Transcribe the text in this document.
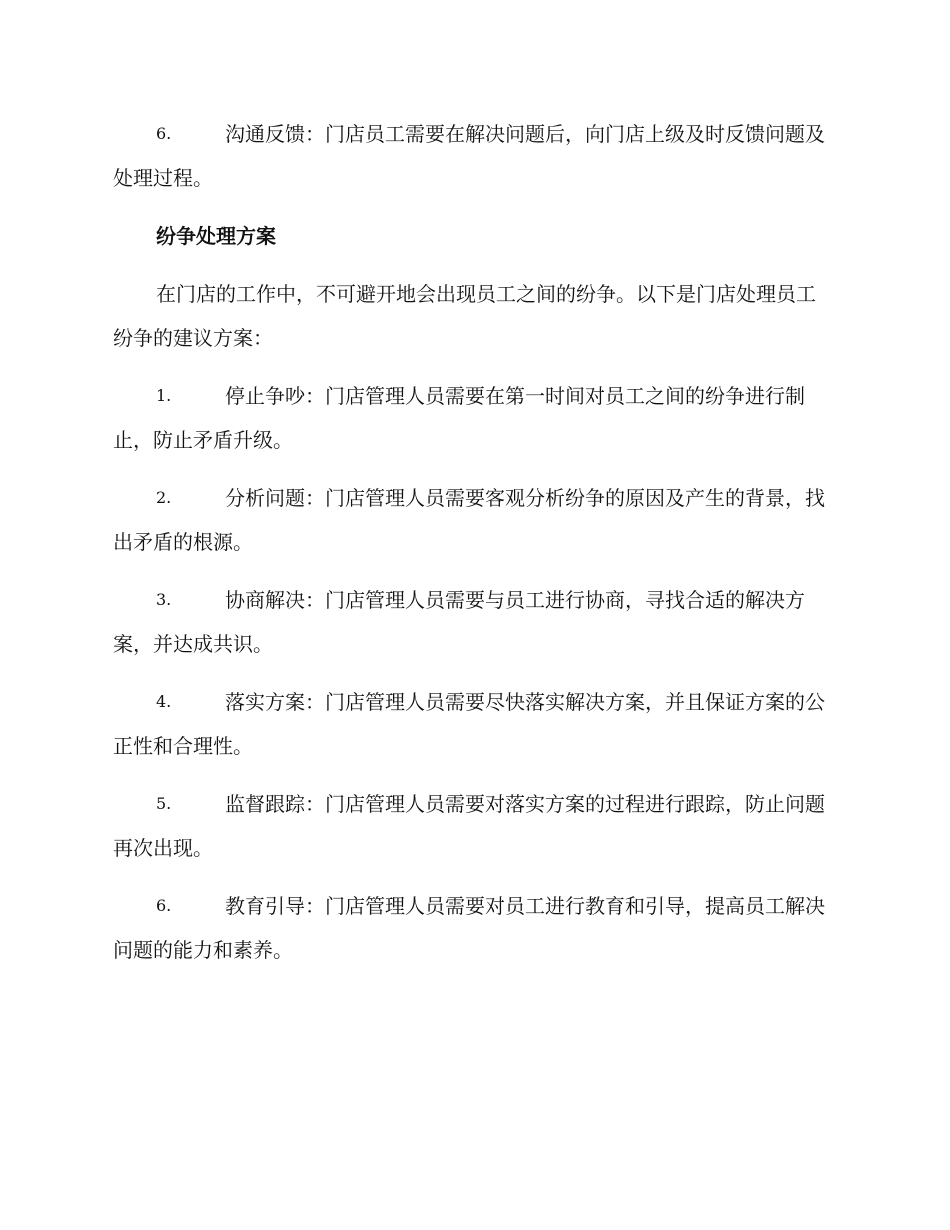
6.	沟通反馈：门店员工需要在解决问题后，向门店上级及时反馈问题及处理过程。
纷争处理方案
在门店的工作中，不可避开地会出现员工之间的纷争。以下是门店处理员工纷争的建议方案：
1.	停止争吵：门店管理人员需要在第一时间对员工之间的纷争进行制止，防止矛盾升级。
2.	分析问题：门店管理人员需要客观分析纷争的原因及产生的背景，找出矛盾的根源。
3.	协商解决：门店管理人员需要与员工进行协商，寻找合适的解决方案，并达成共识。
4.	落实方案：门店管理人员需要尽快落实解决方案，并且保证方案的公正性和合理性。
5.	监督跟踪：门店管理人员需要对落实方案的过程进行跟踪，防止问题再次出现。
6.	教育引导：门店管理人员需要对员工进行教育和引导，提高员工解决问题的能力和素养。
